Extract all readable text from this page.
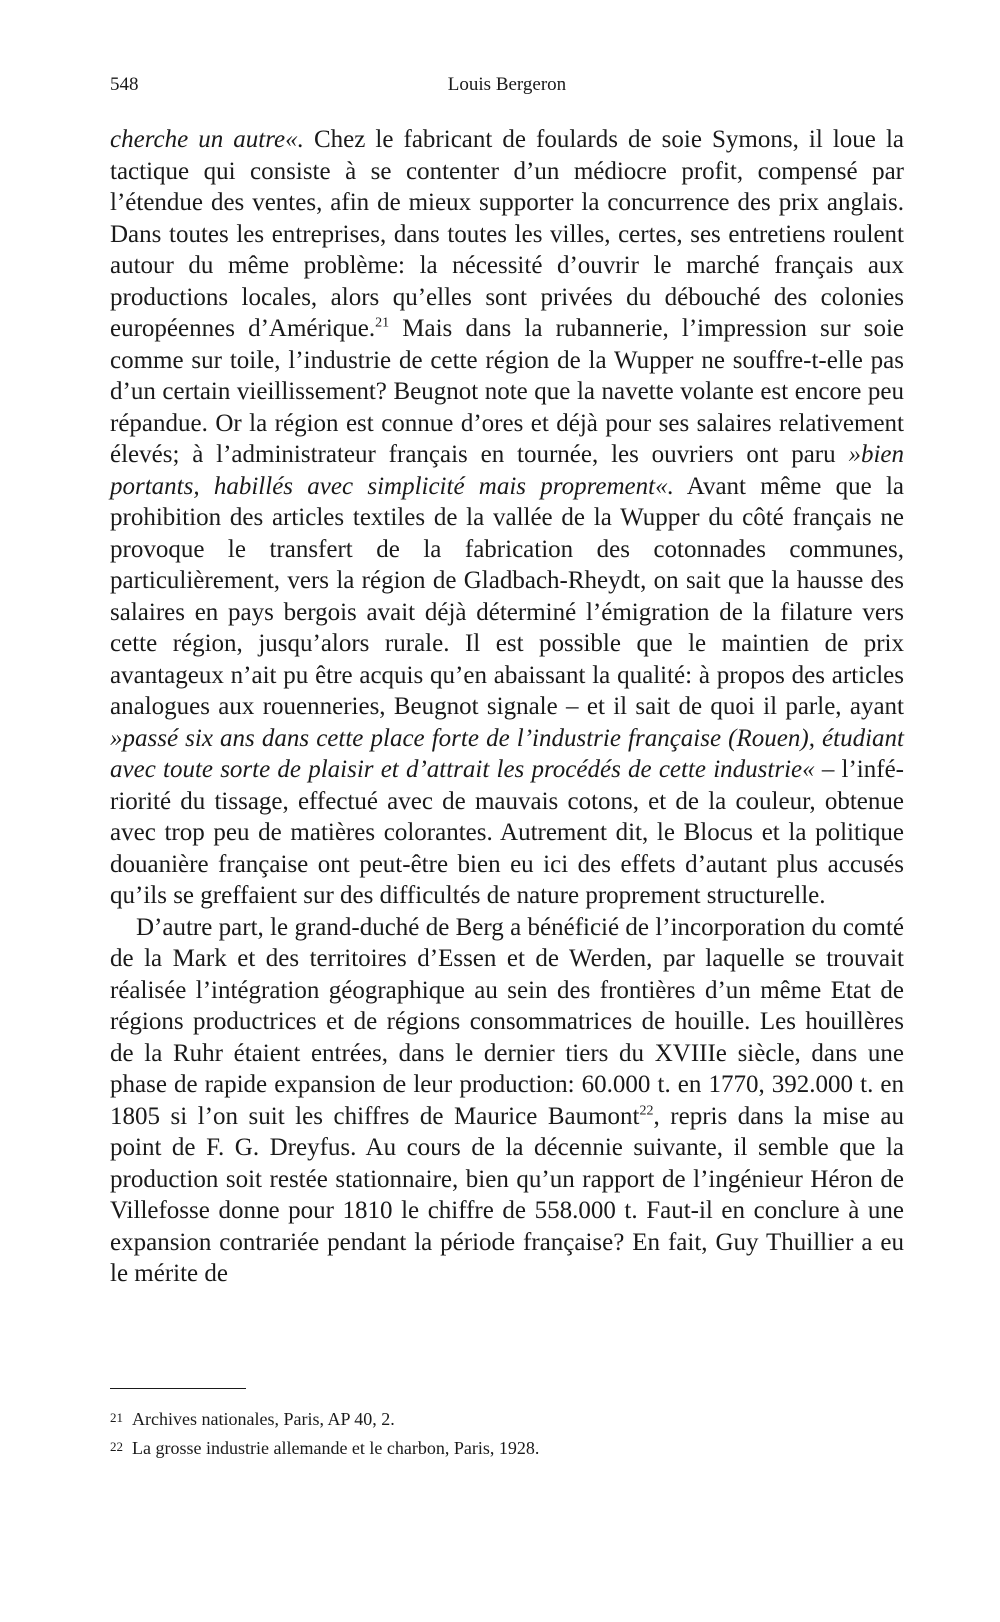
548	Louis Bergeron

cherche un autre«. Chez le fabricant de foulards de soie Symons, il loue la tactique qui consiste à se contenter d’un médiocre profit, compensé par l’étendue des ventes, afin de mieux supporter la concurrence des prix anglais. Dans toutes les entreprises, dans toutes les villes, certes, ses entretiens roulent autour du même problème: la nécessité d’ouvrir le marché français aux productions locales, alors qu’elles sont privées du débouché des colonies européennes d’Amérique.$^{21}$ Mais dans la rubannerie, l’impression sur soie comme sur toile, l’industrie de cette région de la Wupper ne souffre-t-elle pas d’un certain vieillissement? Beugnot note que la navette volante est encore peu répandue. Or la région est connue d’ores et déjà pour ses salaires relativement élevés; à l’administrateur français en tournée, les ouvriers ont paru »bien portants, habillés avec simplicité mais proprement«. Avant même que la prohibition des articles textiles de la vallée de la Wupper du côté français ne provoque le transfert de la fabrication des cotonnades communes, particulièrement, vers la région de Gladbach-Rheydt, on sait que la hausse des salaires en pays bergois avait déjà déterminé l’émigration de la filature vers cette région, jusqu’alors rurale. Il est possible que le maintien de prix avantageux n’ait pu être acquis qu’en abaissant la qualité: à propos des articles analogues aux rouenneries, Beugnot signale – et il sait de quoi il parle, ayant »passé six ans dans cette place forte de l’industrie française (Rouen), étudiant avec toute sorte de plaisir et d’attrait les procédés de cette industrie« – l’infériorité du tissage, effectué avec de mauvais cotons, et de la couleur, obtenue avec trop peu de matières colorantes. Autrement dit, le Blocus et la politique douanière française ont peut-être bien eu ici des effets d’autant plus accusés qu’ils se greffaient sur des difficultés de nature proprement structurelle.

D’autre part, le grand-duché de Berg a bénéficié de l’incorporation du comté de la Mark et des territoires d’Essen et de Werden, par laquelle se trouvait réalisée l’intégration géographique au sein des frontières d’un même Etat de régions productrices et de régions consommatrices de houille. Les houillères de la Ruhr étaient entrées, dans le dernier tiers du XVIIIe siècle, dans une phase de rapide expansion de leur production: 60.000 t. en 1770, 392.000 t. en 1805 si l’on suit les chiffres de Maurice Baumont$^{22}$, repris dans la mise au point de F. G. Dreyfus. Au cours de la décennie suivante, il semble que la production soit restée stationnaire, bien qu’un rapport de l’ingénieur Héron de Villefosse donne pour 1810 le chiffre de 558.000 t. Faut-il en conclure à une expansion contrariée pendant la période française? En fait, Guy Thuillier a eu le mérite de

21 Archives nationales, Paris, AP 40, 2.
22 La grosse industrie allemande et le charbon, Paris, 1928.
